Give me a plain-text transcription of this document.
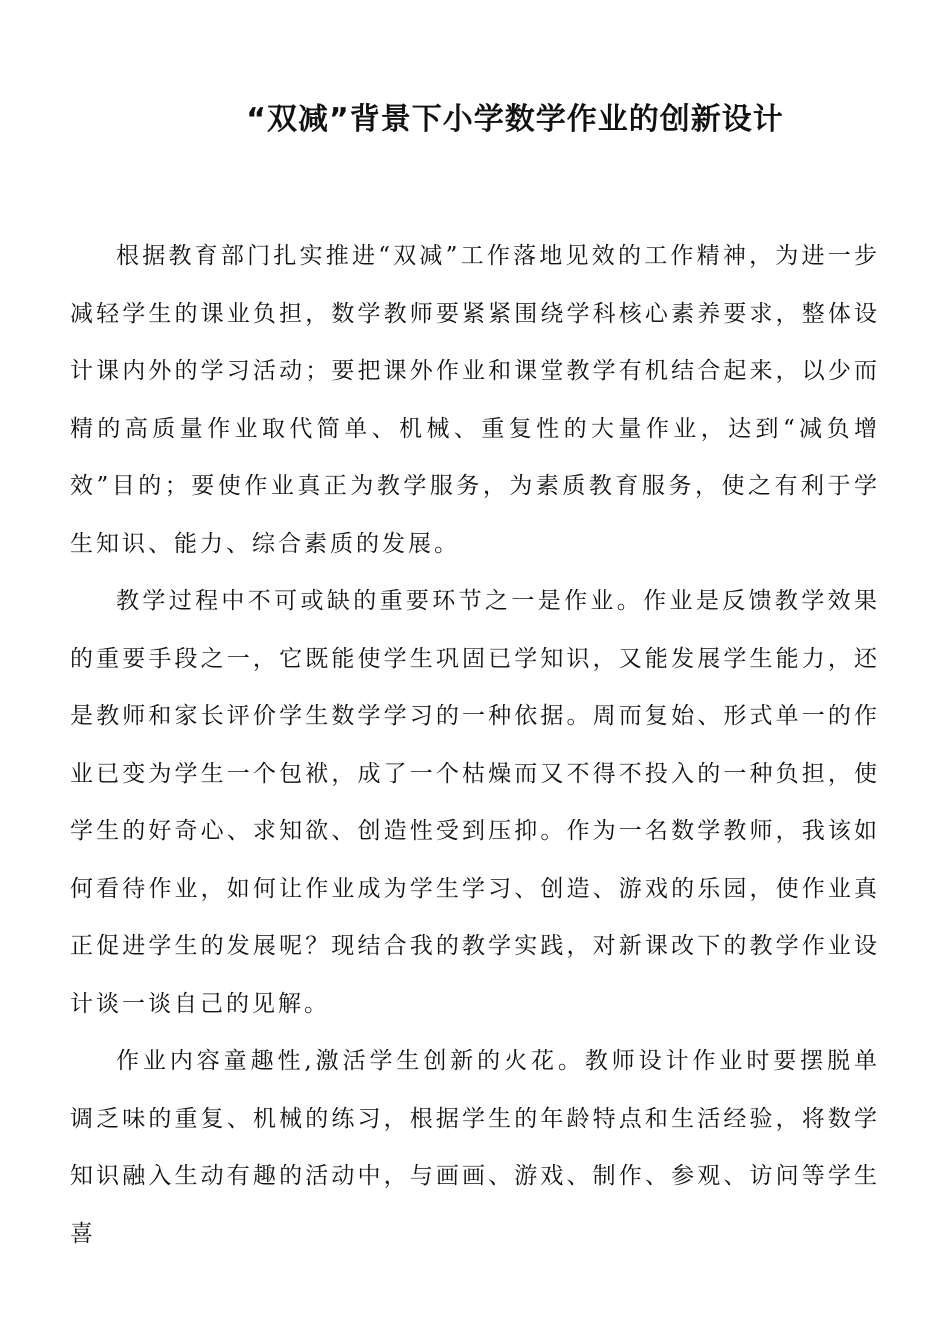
“双减”背景下小学数学作业的创新设计

根据教育部门扎实推进“双减”工作落地见效的工作精神，为进一步减轻学生的课业负担，数学教师要紧紧围绕学科核心素养要求，整体设计课内外的学习活动；要把课外作业和课堂教学有机结合起来，以少而精的高质量作业取代简单、机械、重复性的大量作业，达到“减负增效”目的；要使作业真正为教学服务，为素质教育服务，使之有利于学生知识、能力、综合素质的发展。

教学过程中不可或缺的重要环节之一是作业。作业是反馈教学效果的重要手段之一，它既能使学生巩固已学知识，又能发展学生能力，还是教师和家长评价学生数学学习的一种依据。周而复始、形式单一的作业已变为学生一个包袱，成了一个枯燥而又不得不投入的一种负担，使学生的好奇心、求知欲、创造性受到压抑。作为一名数学教师，我该如何看待作业，如何让作业成为学生学习、创造、游戏的乐园，使作业真正促进学生的发展呢？现结合我的教学实践，对新课改下的教学作业设计谈一谈自己的见解。

作业内容童趣性,激活学生创新的火花。教师设计作业时要摆脱单调乏味的重复、机械的练习，根据学生的年龄特点和生活经验，将数学知识融入生动有趣的活动中，与画画、游戏、制作、参观、访问等学生喜
